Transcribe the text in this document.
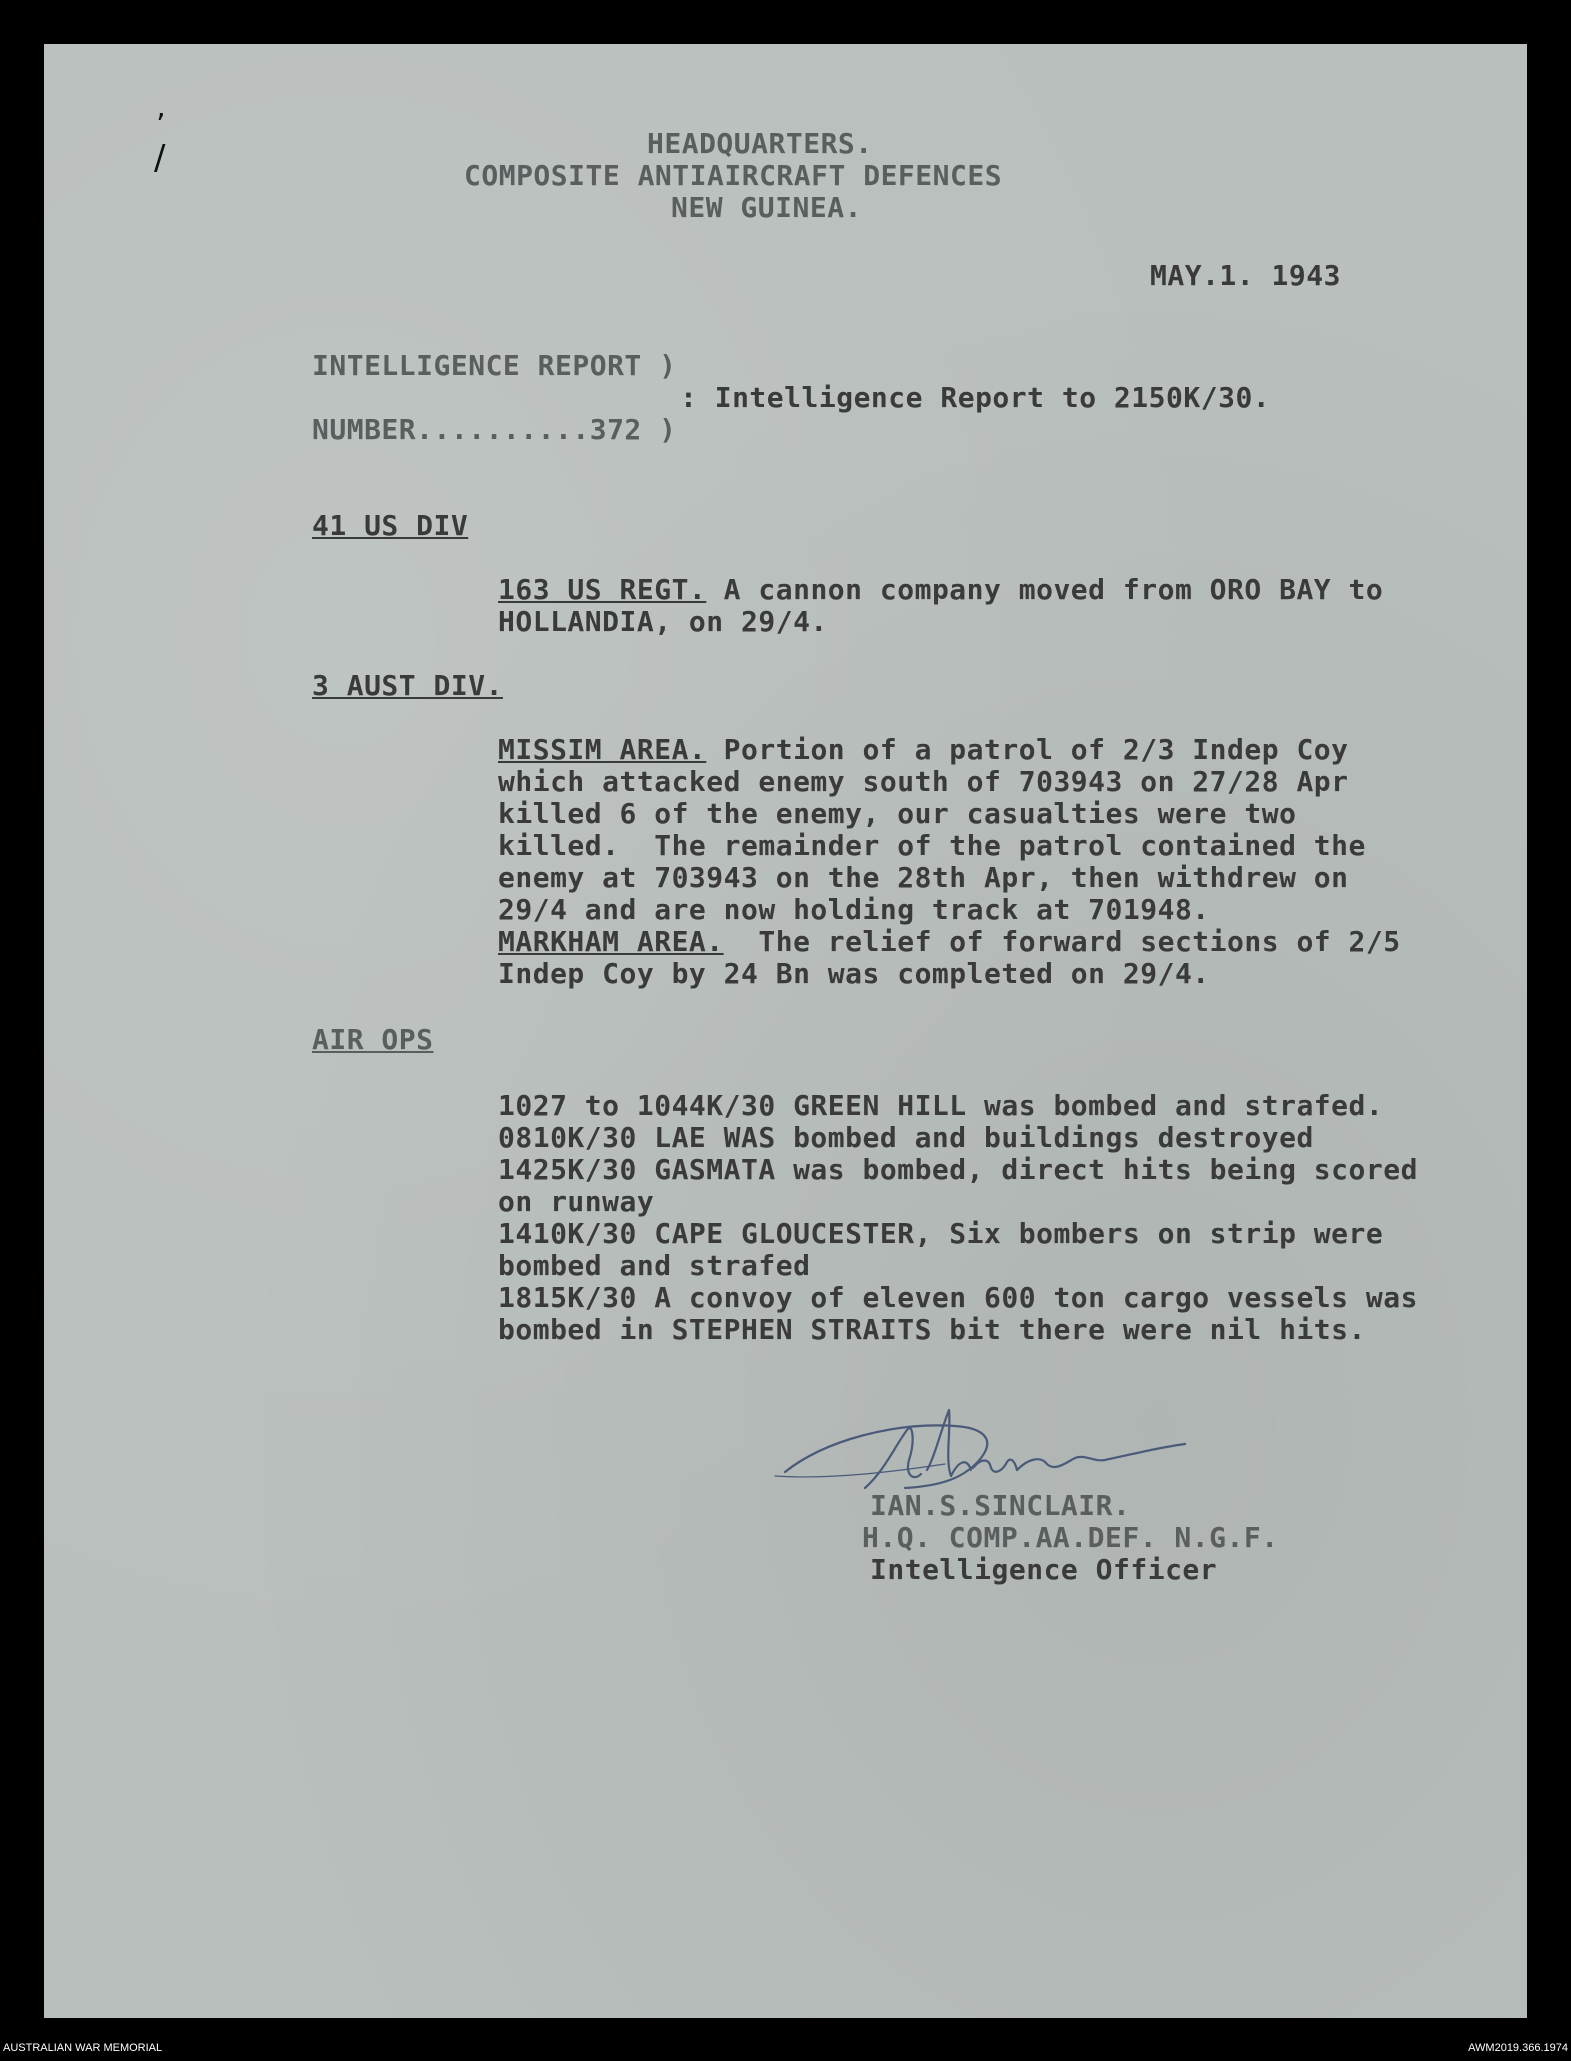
’
/	HEADQUARTERS.
COMPOSITE ANTIAIRCRAFT DEFENCES
NEW GUINEA.
MAY.1. 1943
INTELLIGENCE REPORT )
: Intelligence Report to 2150K/30.
NUMBER..........372 )
41 US DIV
163 US REGT. A cannon company moved from ORO BAY to
HOLLANDIA, on 29/4.
3 AUST DIV.
MISSIM AREA. Portion of a patrol of 2/3 Indep Coy
which attacked enemy south of 703943 on 27/28 Apr
killed 6 of the enemy, our casualties were two
killed.  The remainder of the patrol contained the
enemy at 703943 on the 28th Apr, then withdrew on
29/4 and are now holding track at 701948.
MARKHAM AREA.  The relief of forward sections of 2/5
Indep Coy by 24 Bn was completed on 29/4.
AIR OPS
1027 to 1044K/30 GREEN HILL was bombed and strafed.
0810K/30 LAE WAS bombed and buildings destroyed
1425K/30 GASMATA was bombed, direct hits being scored
on runway
1410K/30 CAPE GLOUCESTER, Six bombers on strip were
bombed and strafed
1815K/30 A convoy of eleven 600 ton cargo vessels was
bombed in STEPHEN STRAITS bit there were nil hits.
IAN.S.SINCLAIR.
H.Q. COMP.AA.DEF. N.G.F.
Intelligence Officer
AUSTRALIAN WAR MEMORIAL	AWM2019.366.1974
